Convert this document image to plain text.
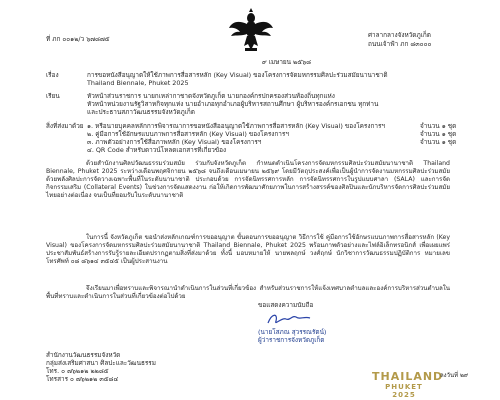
ที่ ภก ๐๐๑๒/ว ๖๗๘๗๕	ศาลากลางจังหวัดภูเก็ต
ถนนเจ้าฟ้า ภก ๘๓๐๐๐
๙ เมษายน ๒๕๖๘
เรื่อง	การขอหนังสือนุญาตให้ใช้ภาพการสื่อสารหลัก (Key Visual) ของโครงการจัดมหกรรมศิลปะร่วมสมัยนานาชาติ
Thailand Biennale, Phuket 2025
เรียน	หัวหน้าส่วนราชการ นายกเหล่ากาชาดจังหวัดภูเก็ต นายกองค์กรปกครองส่วนท้องถิ่นทุกแห่ง
หัวหน้าหน่วยงานรัฐวิสาหกิจทุกแห่ง นายอำเภอทุกอำเภอผู้บริหารสถานศึกษา ผู้บริหารองค์กรเอกชน ทุกท่าน
และประธานสภาวัฒนธรรมจังหวัดภูเก็ต
สิ่งที่ส่งมาด้วย ๑. หรือนายบุคคลหลักการพิจารณาการขอหนังสืออนุญาตใช้ภาพการสื่อสารหลัก (Key Visual) ของโครงการฯ	จำนวน ๑ ชุด
๒. คู่มือการใช้อักษรแบบภาพการสื่อสารหลัก (Key Visual) ของโครงการฯ	จำนวน ๑ ชุด
๓. ภาพตัวอย่างการใช้สื่อภาพหลัก (Key Visual) ของโครงการฯ	จำนวน ๑ ชุด
๔. QR Code สำหรับดาวน์โหลดเอกสารที่เกี่ยวข้อง

ด้วยสำนักงานศิลปวัฒนธรรมร่วมสมัย ร่วมกับจังหวัดภูเก็ต กำหนดดำเนินโครงการจัดมหกรรมศิลปะร่วมสมัยนานาชาติ Thailand Biennale, Phuket 2025 ระหว่างเดือนพฤศจิกายน ๒๕๖๘ จนถึงเดือนเมษายน ๒๕๖๙ โดยมีวัตถุประสงค์เพื่อเป็นผู้นำการจัดงานมหกรรมศิลปะร่วมสมัยด้วยพลังศิลปะการจัดวางเฉพาะพื้นที่ในระดับนานาชาติ ประกอบด้วย การจัดนิทรรศการหลัก การจัดนิทรรศการในรูปแบบศาลา (SALA) และการจัดกิจกรรมเสริม (Collateral Events) ในช่วงการจัดแสดงงาน ก่อให้เกิดการพัฒนาศักยภาพในการสร้างสรรค์ของศิลปินและนักบริหารจัดการศิลปะร่วมสมัยไทยอย่างต่อเนื่อง จนเป็นที่ยอมรับในระดับนานาชาติ

ในการนี้ จังหวัดภูเก็ต ขอนำส่งหลักเกณฑ์การขออนุญาต ขั้นตอนการขออนุญาต วิธีการใช้ คู่มือการใช้อักษรแบบภาพการสื่อสารหลัก (Key Visual) ของโครงการจัดมหกรรมศิลปะร่วมสมัยนานาชาติ Thailand Biennale, Phuket 2025 พร้อมภาพตัวอย่างและไฟล์อิเล็กทรอนิกส์ เพื่อเผยแพร่ประชาสัมพันธ์สร้างการรับรู้รายละเอียดปรากฏตามสิ่งที่ส่งมาด้วย ทั้งนี้ มอบหมายให้ นายพลฤกษ์ วงศ์ฤกษ์ นักวิชาการวัฒนธรรมปฏิบัติการ หมายเลขโทรศัพท์ ๐๘ ๘๖๑๔ ๓๕๔๕ เป็นผู้ประสานงาน

จึงเรียนมาเพื่อทราบและพิจารณานำดำเนินการในส่วนที่เกี่ยวข้อง สำหรับส่วนราชการให้แจ้งเทศบาลตำบลและองค์การบริหารส่วนตำบลในพื้นที่ทราบและดำเนินการในส่วนที่เกี่ยวข้องต่อไปด้วย

ขอแสดงความนับถือ
(นายโสภณ สุวรรณรัตน์)
ผู้ว่าราชการจังหวัดภูเก็ต
สำนักงานวัฒนธรรมจังหวัด
กลุ่มส่งเสริมศาสนา ศิลปะและวัฒนธรรม
โทร. ๐ ๗๖๒๑๒ ๒๒๘๕
โทรสาร ๐ ๗๖๒๑๒ ๓๕๘๔	THAILAND
PHUKET 2025
ลงวันที่ ๒๙
